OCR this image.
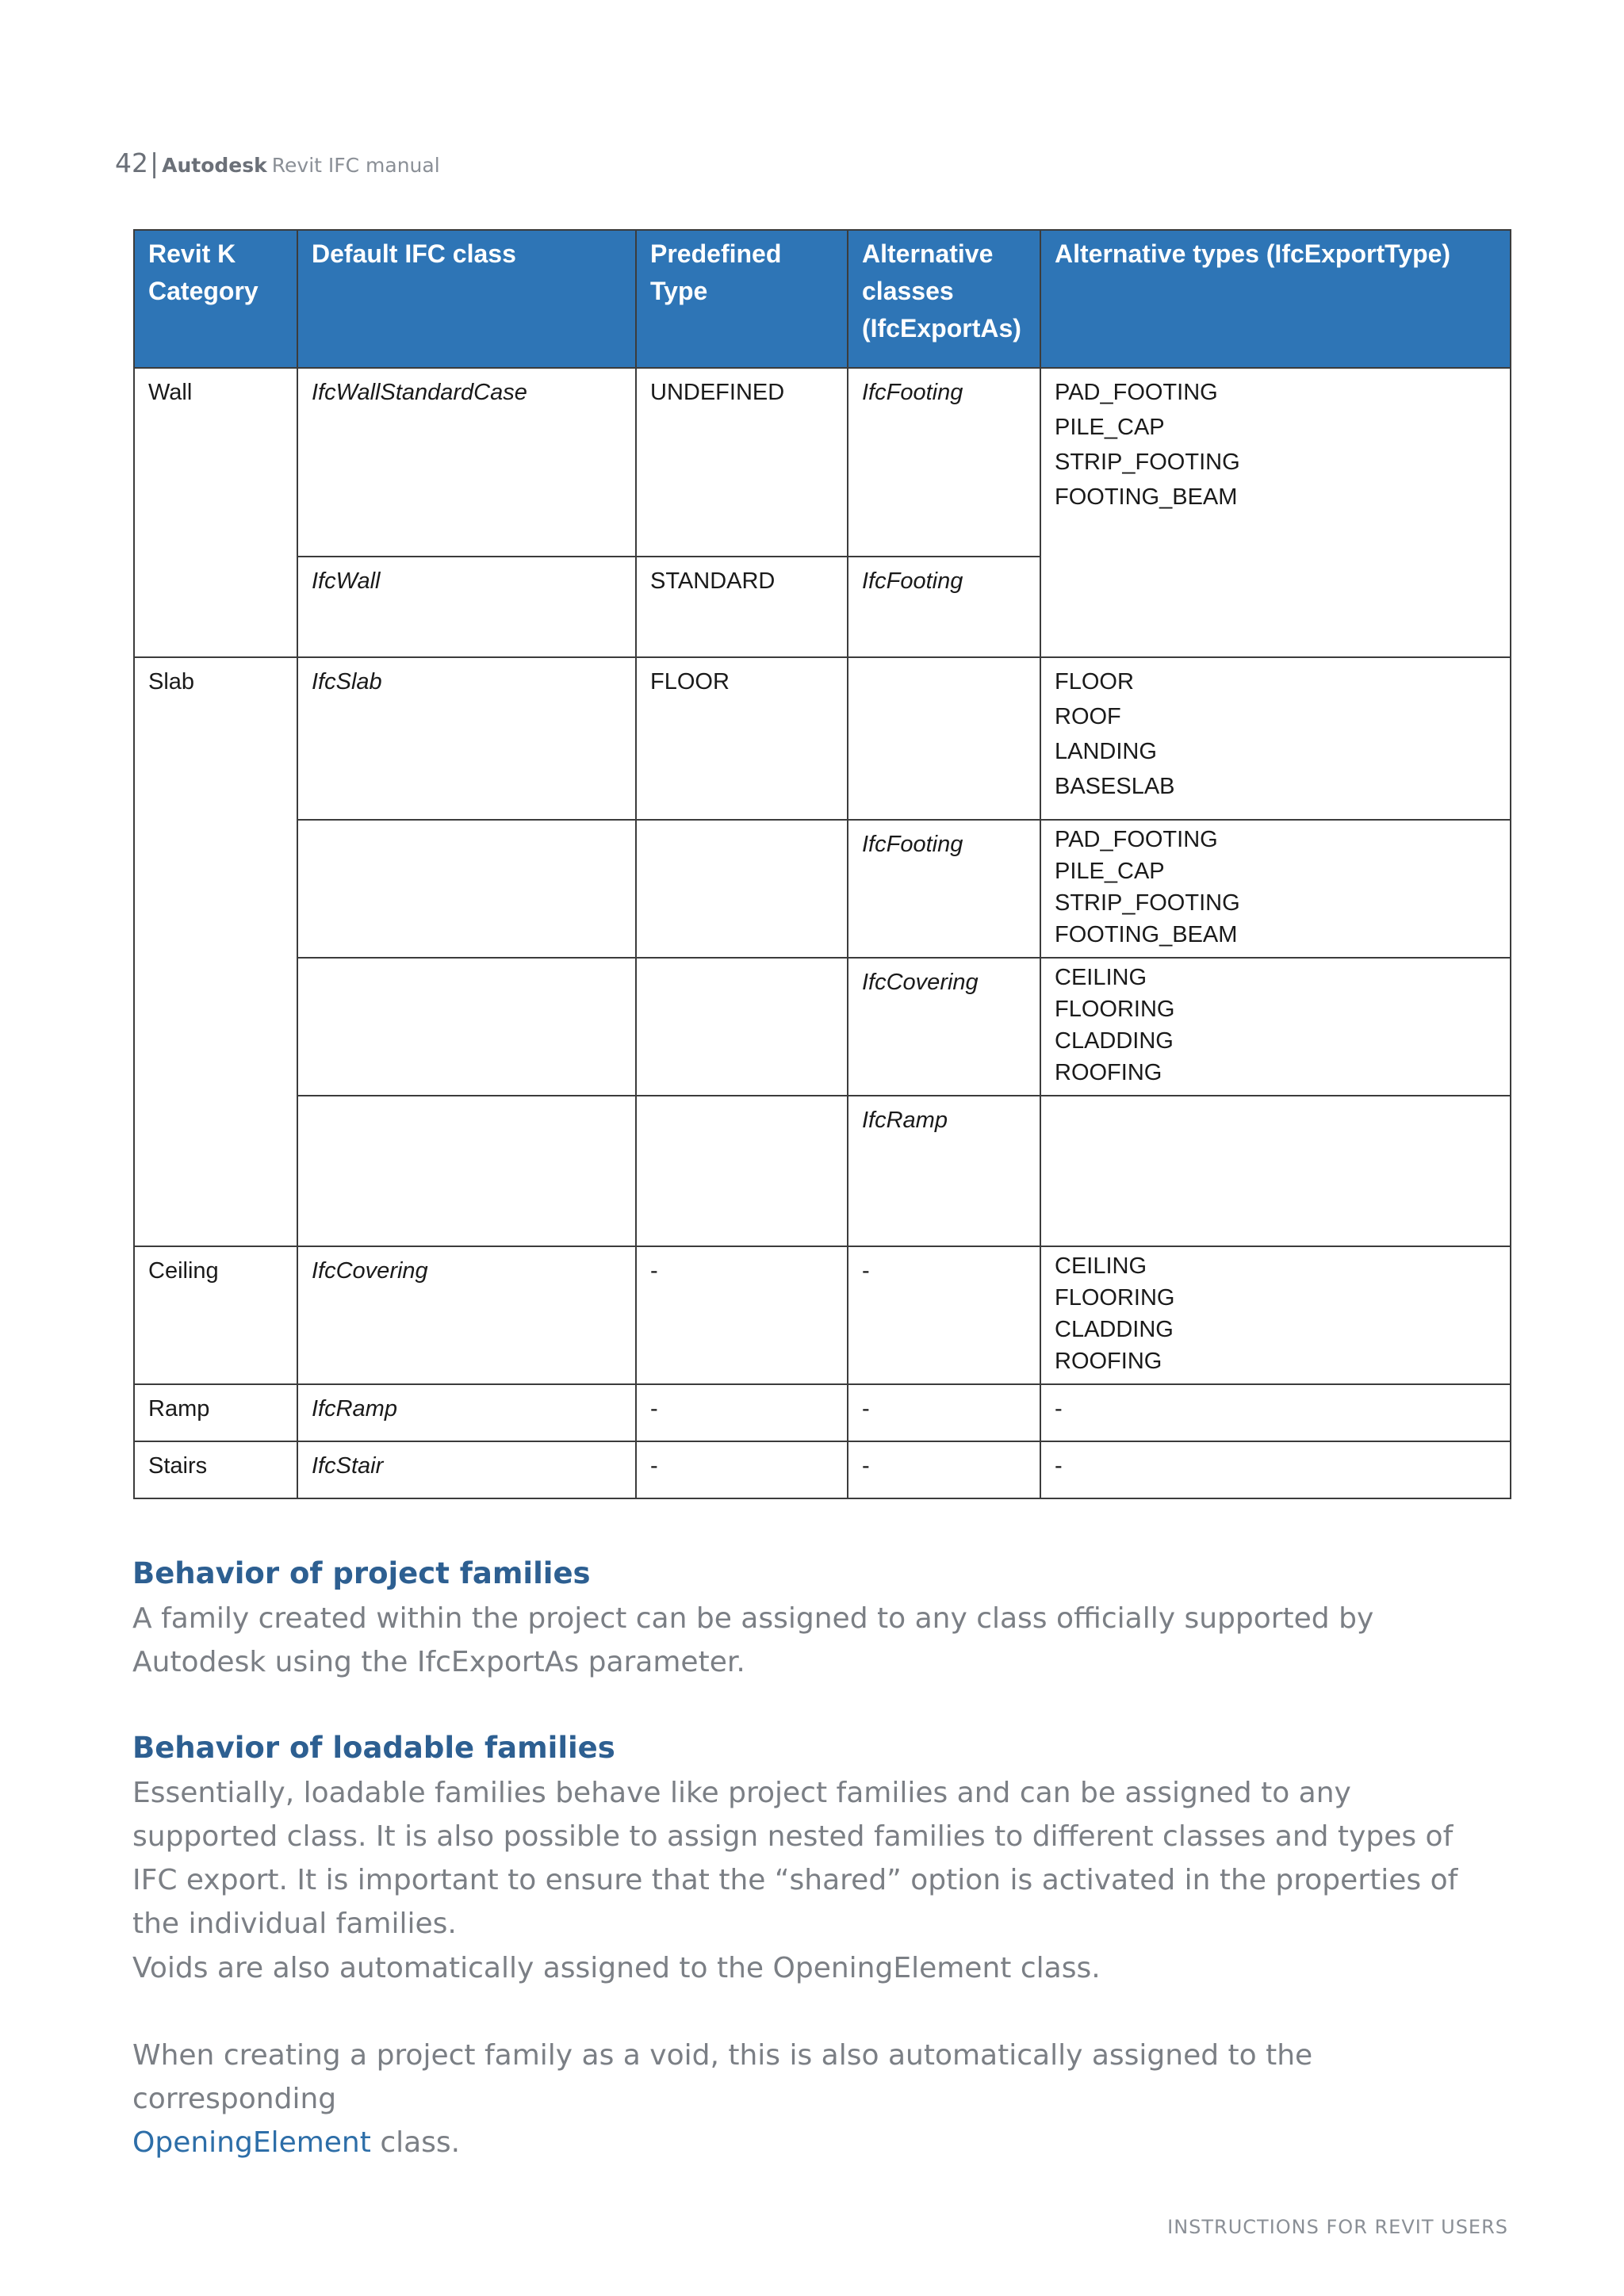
42| Autodesk Revit IFC manual
Revit K Category	Default IFC class	Predefined Type	Alternative classes (IfcExportAs)	Alternative types (IfcExportType)
Wall	IfcWallStandardCase	UNDEFINED	IfcFooting	PAD_FOOTING
PILE_CAP
STRIP_FOOTING
FOOTING_BEAM

	IfcWall	STANDARD	IfcFooting	
Slab	IfcSlab	FLOOR		FLOOR
ROOF
LANDING
BASESLAB

			IfcFooting	PAD_FOOTING
PILE_CAP
STRIP_FOOTING
FOOTING_BEAM

			IfcCovering	CEILING
FLOORING
CLADDING
ROOFING

			IfcRamp	
Ceiling	IfcCovering	-	-	CEILING
FLOORING
CLADDING
ROOFING

Ramp	IfcRamp	-	-	-
Stairs	IfcStair	-	-	-
Behavior of project families

A family created within the project can be assigned to any class officially supported by Autodesk using the IfcExportAs parameter.

Behavior of loadable families

Essentially, loadable families behave like project families and can be assigned to any supported class. It is also possible to assign nested families to different classes and types of IFC export. It is important to ensure that the “shared” option is activated in the properties of the individual families.

Voids are also automatically assigned to the OpeningElement class.

When creating a project family as a void, this is also automatically assigned to the corresponding
OpeningElement class.

INSTRUCTIONS FOR REVIT USERS
